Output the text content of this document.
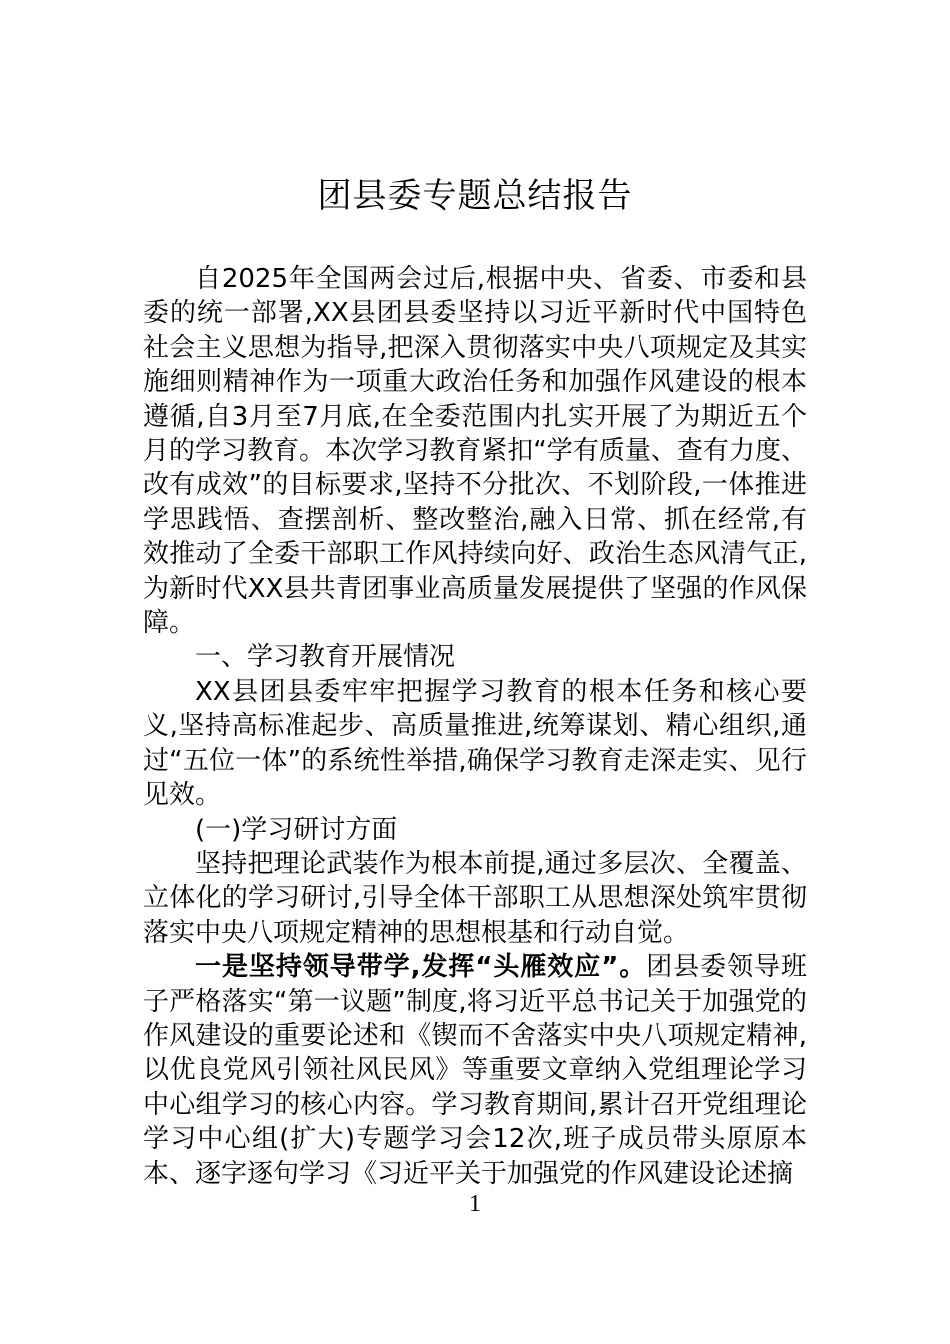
团县委专题总结报告

自2025年全国两会过后,根据中央、省委、市委和县委的统一部署,XX县团县委坚持以习近平新时代中国特色社会主义思想为指导,把深入贯彻落实中央八项规定及其实施细则精神作为一项重大政治任务和加强作风建设的根本遵循,自3月至7月底,在全委范围内扎实开展了为期近五个月的学习教育。本次学习教育紧扣“学有质量、查有力度、改有成效”的目标要求,坚持不分批次、不划阶段,一体推进学思践悟、查摆剖析、整改整治,融入日常、抓在经常,有效推动了全委干部职工作风持续向好、政治生态风清气正,为新时代XX县共青团事业高质量发展提供了坚强的作风保障。

一、学习教育开展情况

XX县团县委牢牢把握学习教育的根本任务和核心要义,坚持高标准起步、高质量推进,统筹谋划、精心组织,通过“五位一体”的系统性举措,确保学习教育走深走实、见行见效。

(一)学习研讨方面

坚持把理论武装作为根本前提,通过多层次、全覆盖、立体化的学习研讨,引导全体干部职工从思想深处筑牢贯彻落实中央八项规定精神的思想根基和行动自觉。

一是坚持领导带学,发挥“头雁效应”。团县委领导班子严格落实“第一议题”制度,将习近平总书记关于加强党的作风建设的重要论述和《锲而不舍落实中央八项规定精神,以优良党风引领社风民风》等重要文章纳入党组理论学习中心组学习的核心内容。学习教育期间,累计召开党组理论学习中心组(扩大)专题学习会12次,班子成员带头原原本本、逐字逐句学习《习近平关于加强党的作风建设论述摘

1
